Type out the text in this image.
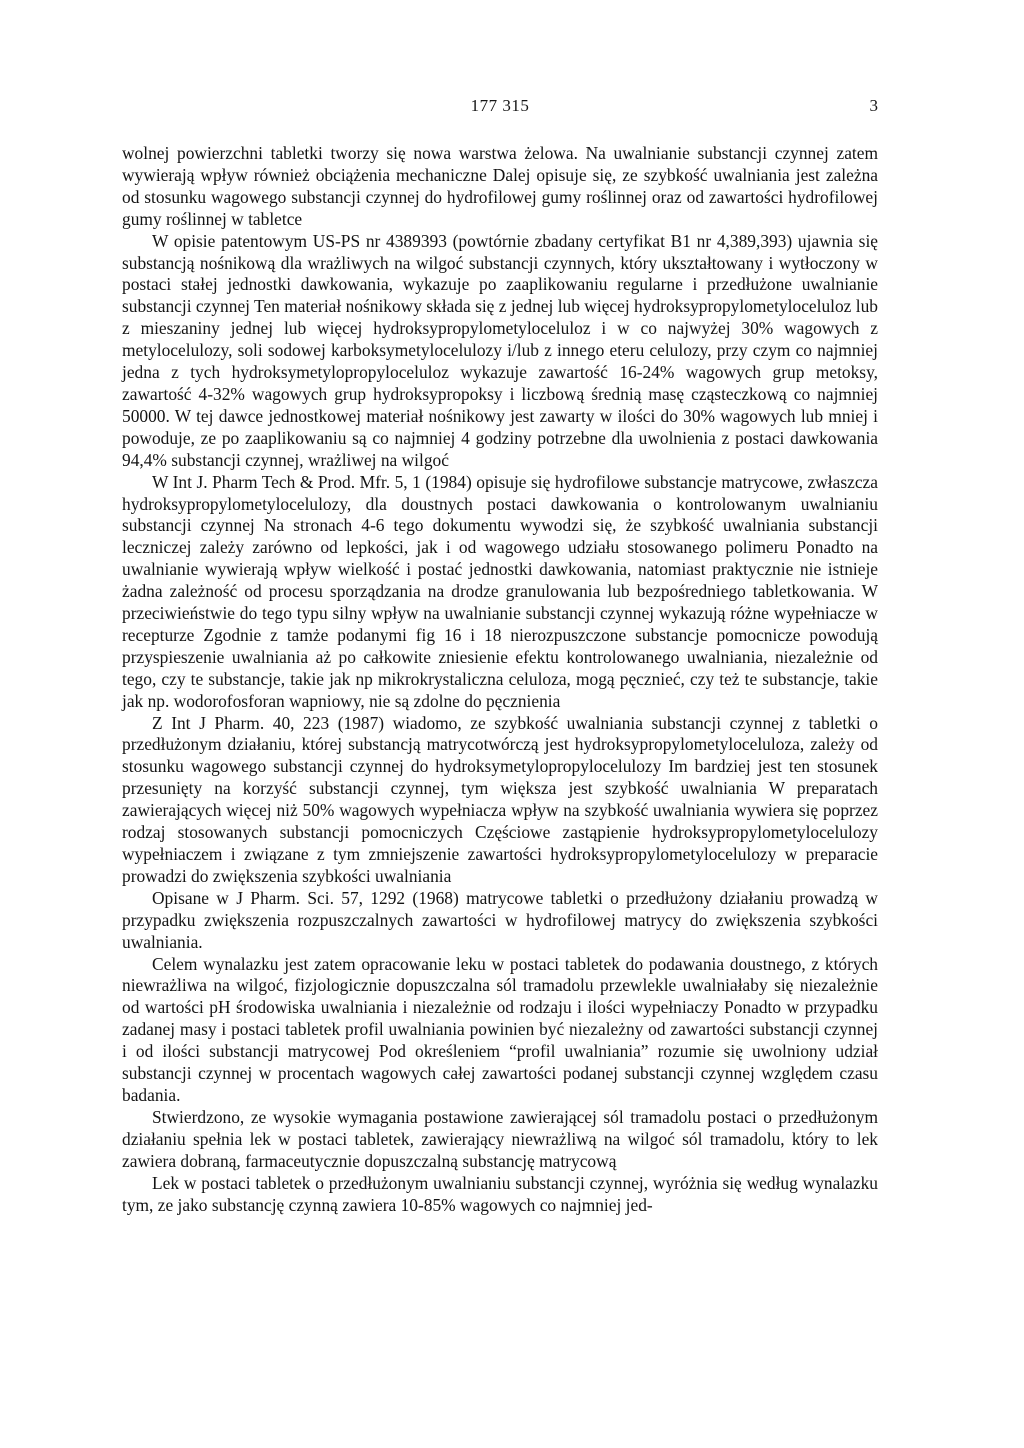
177 315	3

wolnej powierzchni tabletki tworzy się nowa warstwa żelowa. Na uwalnianie substancji czynnej zatem wywierają wpływ również obciążenia mechaniczne Dalej opisuje się, ze szybkość uwalniania jest zależna od stosunku wagowego substancji czynnej do hydrofilowej gumy roślinnej oraz od zawartości hydrofilowej gumy roślinnej w tabletce

W opisie patentowym US-PS nr 4389393 (powtórnie zbadany certyfikat B1 nr 4,389,393) ujawnia się substancją nośnikową dla wrażliwych na wilgoć substancji czynnych, który ukształtowany i wytłoczony w postaci stałej jednostki dawkowania, wykazuje po zaaplikowaniu regularne i przedłużone uwalnianie substancji czynnej Ten materiał nośnikowy składa się z jednej lub więcej hydroksypropylometyloceluloz lub z mieszaniny jednej lub więcej hydroksypropylometyloceluloz i w co najwyżej 30% wagowych z metylocelulozy, soli sodowej karboksymetylocelulozy i/lub z innego eteru celulozy, przy czym co najmniej jedna z tych hydroksymetylopropyloceluloz wykazuje zawartość 16-24% wagowych grup metoksy, zawartość 4-32% wagowych grup hydroksypropoksy i liczbową średnią masę cząsteczkową co najmniej 50000. W tej dawce jednostkowej materiał nośnikowy jest zawarty w ilości do 30% wagowych lub mniej i powoduje, ze po zaaplikowaniu są co najmniej 4 godziny potrzebne dla uwolnienia z postaci dawkowania 94,4% substancji czynnej, wrażliwej na wilgoć

W Int J. Pharm Tech & Prod. Mfr. 5, 1 (1984) opisuje się hydrofilowe substancje matrycowe, zwłaszcza hydroksypropylometylocelulozy, dla doustnych postaci dawkowania o kontrolowanym uwalnianiu substancji czynnej Na stronach 4-6 tego dokumentu wywodzi się, że szybkość uwalniania substancji leczniczej zależy zarówno od lepkości, jak i od wagowego udziału stosowanego polimeru Ponadto na uwalnianie wywierają wpływ wielkość i postać jednostki dawkowania, natomiast praktycznie nie istnieje żadna zależność od procesu sporządzania na drodze granulowania lub bezpośredniego tabletkowania. W przeciwieństwie do tego typu silny wpływ na uwalnianie substancji czynnej wykazują różne wypełniacze w recepturze Zgodnie z tamże podanymi fig 16 i 18 nierozpuszczone substancje pomocnicze powodują przyspieszenie uwalniania aż po całkowite zniesienie efektu kontrolowanego uwalniania, niezależnie od tego, czy te substancje, takie jak np mikrokrystaliczna celuloza, mogą pęcznieć, czy też te substancje, takie jak np. wodorofosforan wapniowy, nie są zdolne do pęcznienia

Z Int J Pharm. 40, 223 (1987) wiadomo, ze szybkość uwalniania substancji czynnej z tabletki o przedłużonym działaniu, której substancją matrycotwórczą jest hydroksypropylometyloceluloza, zależy od stosunku wagowego substancji czynnej do hydroksymetylopropylocelulozy Im bardziej jest ten stosunek przesunięty na korzyść substancji czynnej, tym większa jest szybkość uwalniania W preparatach zawierających więcej niż 50% wagowych wypełniacza wpływ na szybkość uwalniania wywiera się poprzez rodzaj stosowanych substancji pomocniczych Częściowe zastąpienie hydroksypropylometylocelulozy wypełniaczem i związane z tym zmniejszenie zawartości hydroksypropylometylocelulozy w preparacie prowadzi do zwiększenia szybkości uwalniania

Opisane w J Pharm. Sci. 57, 1292 (1968) matrycowe tabletki o przedłużony działaniu prowadzą w przypadku zwiększenia rozpuszczalnych zawartości w hydrofilowej matrycy do zwiększenia szybkości uwalniania.

Celem wynalazku jest zatem opracowanie leku w postaci tabletek do podawania doustnego, z których niewrażliwa na wilgoć, fizjologicznie dopuszczalna sól tramadolu przewlekle uwalniałaby się niezależnie od wartości pH środowiska uwalniania i niezależnie od rodzaju i ilości wypełniaczy Ponadto w przypadku zadanej masy i postaci tabletek profil uwalniania powinien być niezależny od zawartości substancji czynnej i od ilości substancji matrycowej Pod określeniem “profil uwalniania” rozumie się uwolniony udział substancji czynnej w procentach wagowych całej zawartości podanej substancji czynnej względem czasu badania.

Stwierdzono, ze wysokie wymagania postawione zawierającej sól tramadolu postaci o przedłużonym działaniu spełnia lek w postaci tabletek, zawierający niewrażliwą na wilgoć sól tramadolu, który to lek zawiera dobraną, farmaceutycznie dopuszczalną substancję matrycową

Lek w postaci tabletek o przedłużonym uwalnianiu substancji czynnej, wyróżnia się według wynalazku tym, ze jako substancję czynną zawiera 10-85% wagowych co najmniej jed-
